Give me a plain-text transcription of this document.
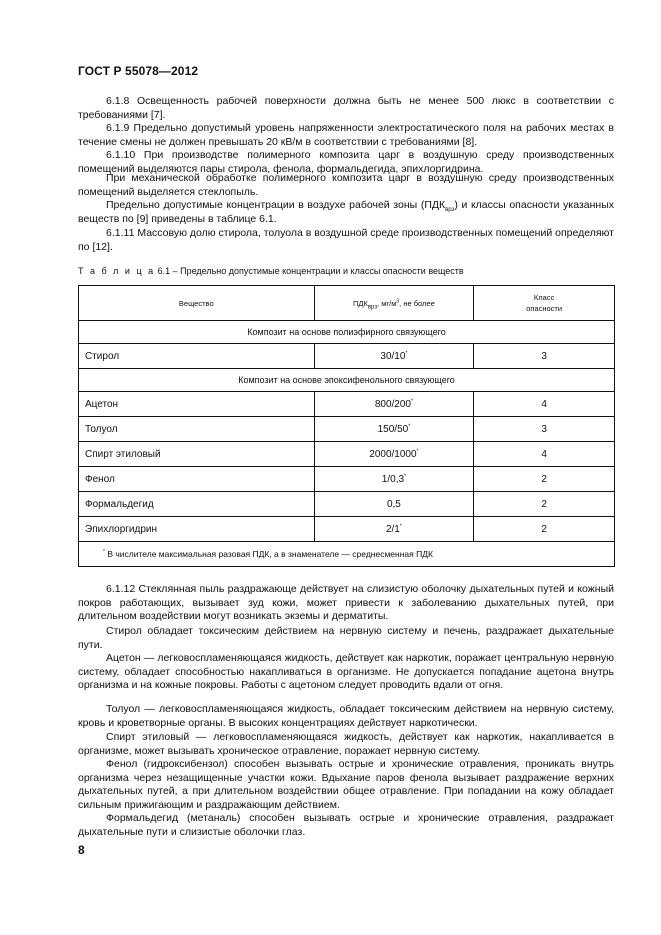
ГОСТ Р 55078—2012

6.1.8 Освещенность рабочей поверхности должна быть не менее 500 люкс в соответствии с требованиями [7].

6.1.9 Предельно допустимый уровень напряженности электростатического поля на рабочих местах в течение смены не должен превышать 20 кВ/м в соответствии с требованиями [8].

6.1.10 При производстве полимерного композита царг в воздушную среду производственных помещений выделяются пары стирола, фенола, формальдегида, эпихлоргидрина.

При механической обработке полимерного композита царг в воздушную среду производственных помещений выделяется стеклопыль.

Предельно допустимые концентрации в воздухе рабочей зоны $(ПДК_{врз})$ и классы опасности указанных веществ по [9] приведены в таблице 6.1.

6.1.11 Массовую долю стирола, толуола в воздушной среде производственных помещений определяют по [12].

Т а б л и ц а 6.1 – Предельно допустимые концентрации и классы опасности веществ
Вещество	$ПДК_{врз}$, $мг/м^3$, не более	Класс
опасности
Композит на основе полиэфирного связующего		
Стирол	30/10*	3
Композит на основе эпоксифенольного связующего		
Ацетон	800/200*	4
Толуол	150/50*	3
Спирт этиловый	2000/1000*	4
Фенол	1/0,3*	2
Формальдегид	0,5	2
Эпихлоргидрин	2/1*	2
* В числителе максимальная разовая ПДК, а в знаменателе — среднесменная ПДК		

6.1.12 Стеклянная пыль раздражающе действует на слизистую оболочку дыхательных путей и кожный покров работающих, вызывает зуд кожи, может привести к заболеванию дыхательных путей, при длительном воздействии могут возникать экземы и дерматиты.

Стирол обладает токсическим действием на нервную систему и печень, раздражает дыхательные пути.

Ацетон — легковоспламеняющаяся жидкость, действует как наркотик, поражает центральную нервную систему, обладает способностью накапливаться в организме. Не допускается попадание ацетона внутрь организма и на кожные покровы. Работы с ацетоном следует проводить вдали от огня.

Толуол — легковоспламеняющаяся жидкость, обладает токсическим действием на нервную систему, кровь и кроветворные органы. В высоких концентрациях действует наркотически.

Спирт этиловый — легковоспламеняющаяся жидкость, действует как наркотик, накапливается в организме, может вызывать хроническое отравление, поражает нервную систему.

Фенол (гидроксибензол) способен вызывать острые и хронические отравления, проникать внутрь организма через незащищенные участки кожи. Вдыхание паров фенола вызывает раздражение верхних дыхательных путей, а при длительном воздействии общее отравление. При попадании на кожу обладает сильным прижигающим и раздражающим действием.

Формальдегид (метаналь) способен вызывать острые и хронические отравления, раздражает дыхательные пути и слизистые оболочки глаз.

8
